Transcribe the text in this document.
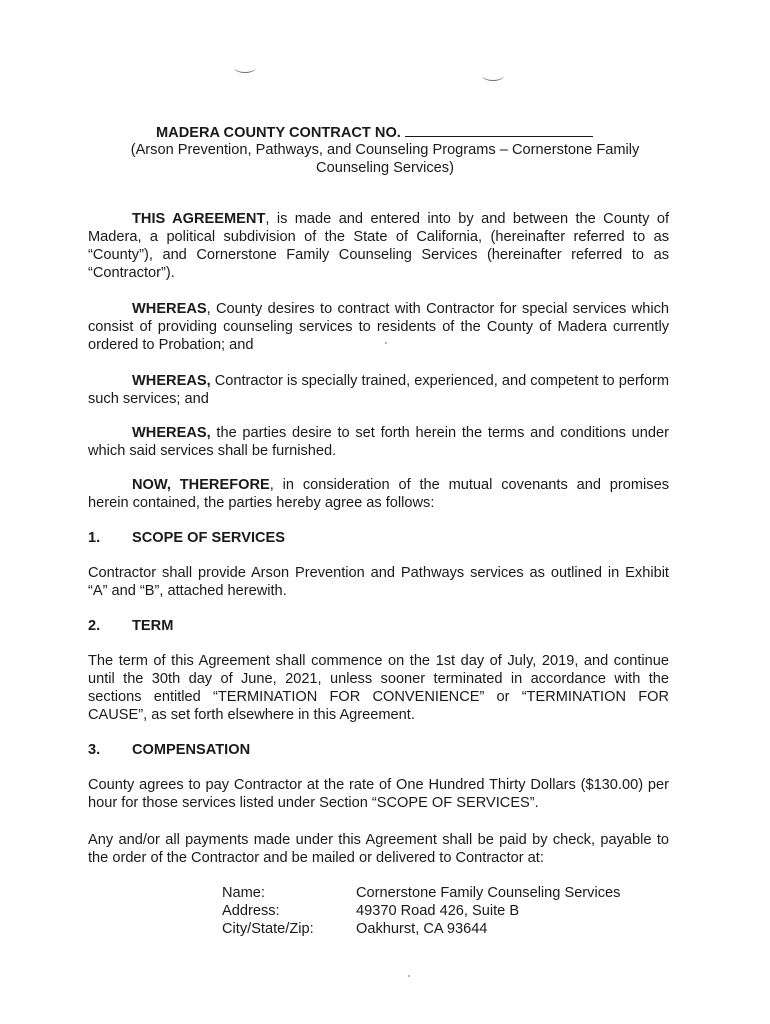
MADERA COUNTY CONTRACT NO.
(Arson Prevention, Pathways, and Counseling Programs – Cornerstone Family
Counseling Services)
THIS AGREEMENT, is made and entered into by and between the County of Madera, a political subdivision of the State of California, (hereinafter referred to as “County”), and Cornerstone Family Counseling Services (hereinafter referred to as “Contractor”).
WHEREAS, County desires to contract with Contractor for special services which consist of providing counseling services to residents of the County of Madera currently ordered to Probation; and
WHEREAS, Contractor is specially trained, experienced, and competent to perform such services; and
WHEREAS, the parties desire to set forth herein the terms and conditions under which said services shall be furnished.
NOW, THEREFORE, in consideration of the mutual covenants and promises herein contained, the parties hereby agree as follows:
1. SCOPE OF SERVICES
Contractor shall provide Arson Prevention and Pathways services as outlined in Exhibit “A” and “B”, attached herewith.
2. TERM
The term of this Agreement shall commence on the 1st day of July, 2019, and continue until the 30th day of June, 2021, unless sooner terminated in accordance with the sections entitled “TERMINATION FOR CONVENIENCE” or “TERMINATION FOR CAUSE”, as set forth elsewhere in this Agreement.
3. COMPENSATION
County agrees to pay Contractor at the rate of One Hundred Thirty Dollars ($130.00) per hour for those services listed under Section “SCOPE OF SERVICES”.
Any and/or all payments made under this Agreement shall be paid by check, payable to the order of the Contractor and be mailed or delivered to Contractor at:
Name:	Cornerstone Family Counseling Services
Address:	49370 Road 426, Suite B
City/State/Zip:	Oakhurst, CA 93644
